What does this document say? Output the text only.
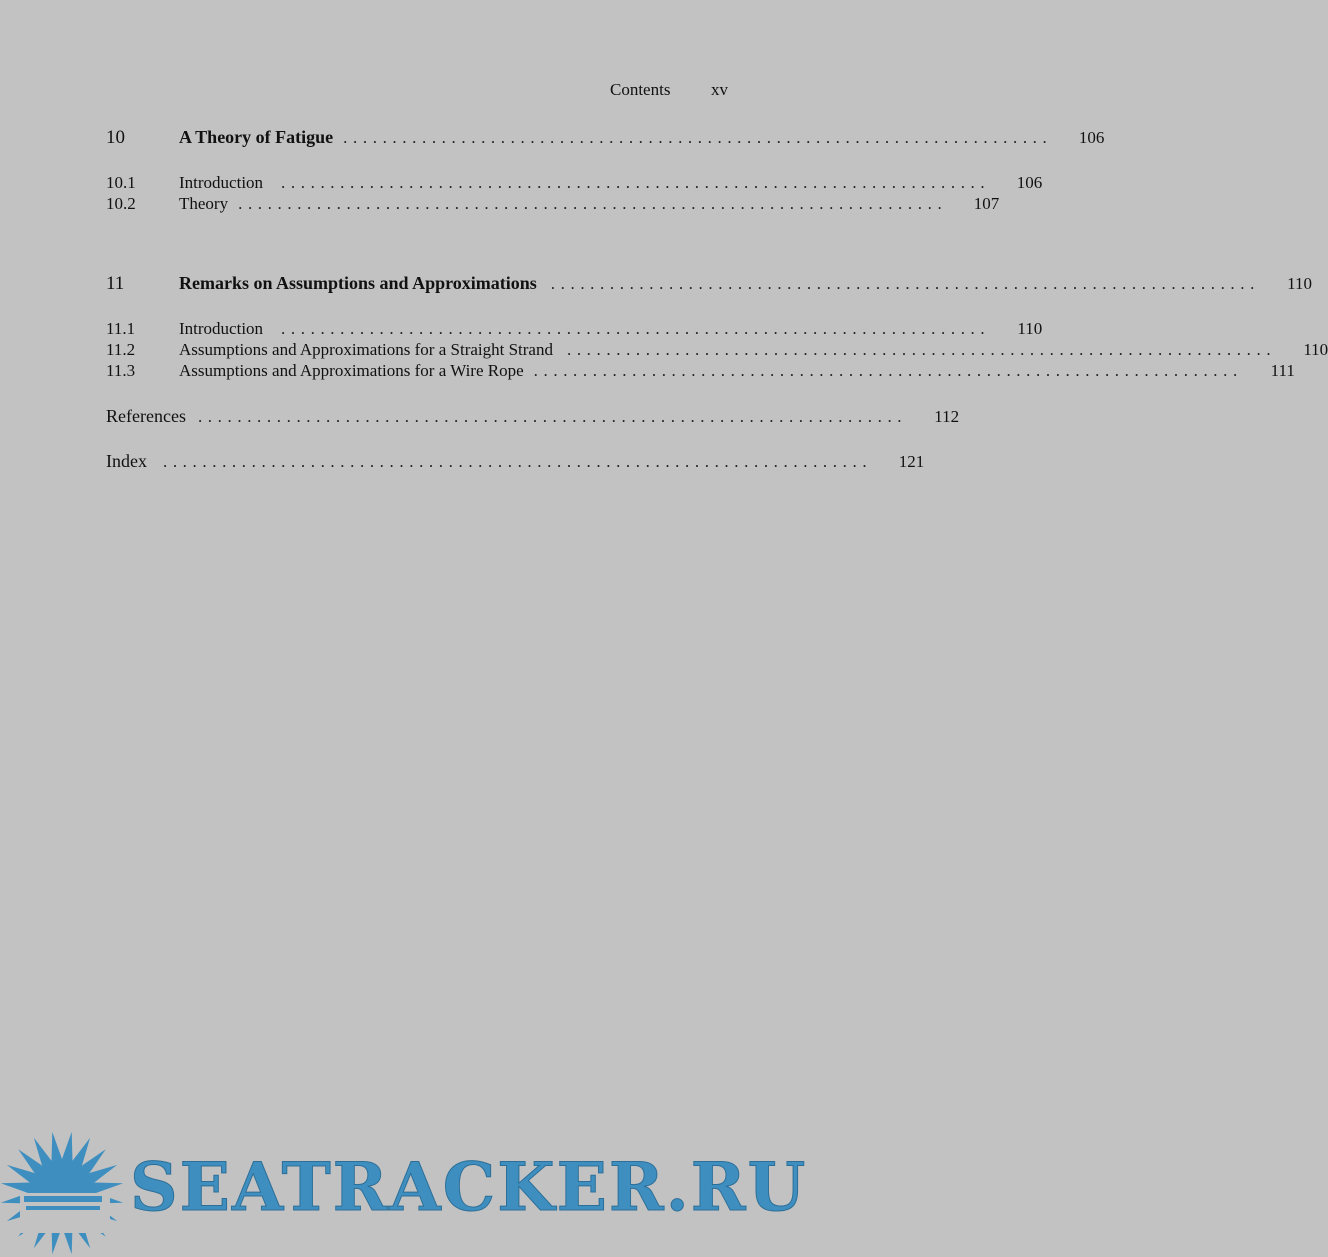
Contents xv
10	A Theory of Fatigue ........................................................................ 106
10.1	Introduction	........................................................................ 106
10.2	Theory ........................................................................ 107
11	Remarks on Assumptions and Approximations ........................................................................ 110
11.1	Introduction	........................................................................ 110
11.2	Assumptions and Approximations for a Straight Strand ........................................................................ 110
11.3	Assumptions and Approximations for a Wire Rope ........................................................................ 111
References ........................................................................ 112
Index ........................................................................ 121
SEATRACKER.RU
